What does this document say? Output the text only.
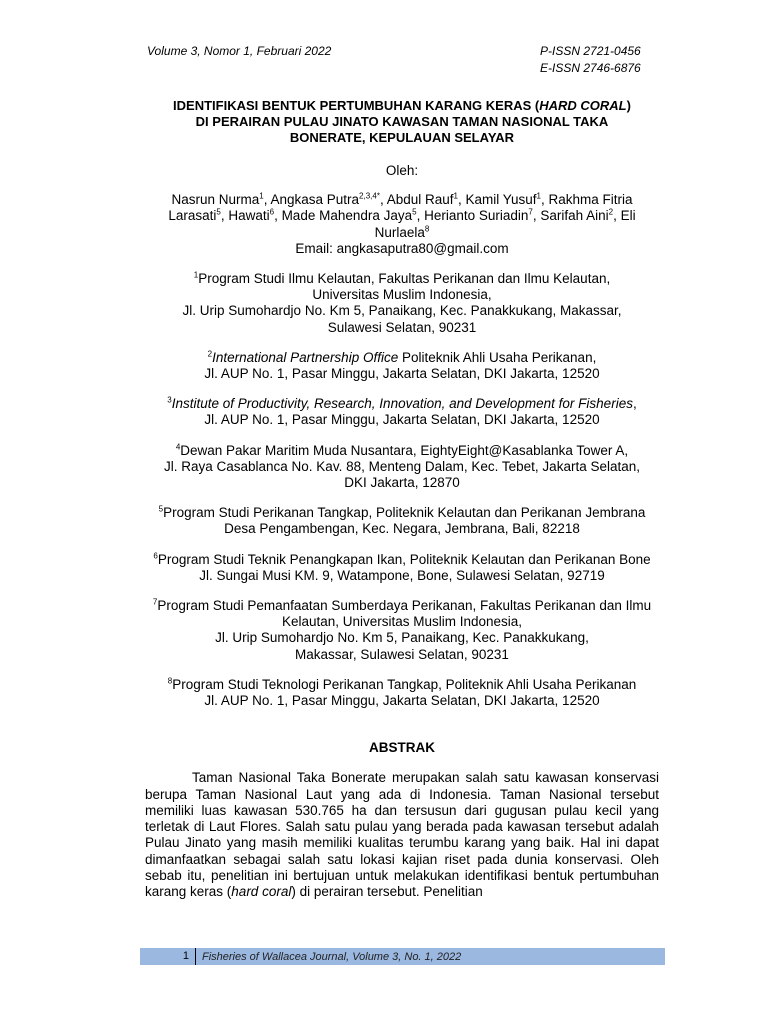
Volume 3, Nomor 1, Februari 2022	P-ISSN 2721-0456
E-ISSN 2746-6876

IDENTIFIKASI BENTUK PERTUMBUHAN KARANG KERAS (HARD CORAL)
DI PERAIRAN PULAU JINATO KAWASAN TAMAN NASIONAL TAKA
BONERATE, KEPULAUAN SELAYAR

Oleh:

Nasrun Nurma$^1$, Angkasa Putra$^{2,3,4*}$, Abdul Rauf$^1$, Kamil Yusuf$^1$, Rakhma Fitria Larasati$^5$, Hawati$^6$, Made Mahendra Jaya$^5$, Herianto Suriadin$^7$, Sarifah Aini$^2$, Eli Nurlaela$^8$
Email: angkasaputra80@gmail.com

$^1$Program Studi Ilmu Kelautan, Fakultas Perikanan dan Ilmu Kelautan,
Universitas Muslim Indonesia,
Jl. Urip Sumohardjo No. Km 5, Panaikang, Kec. Panakkukang, Makassar,
Sulawesi Selatan, 90231

$^2$International Partnership Office Politeknik Ahli Usaha Perikanan,
Jl. AUP No. 1, Pasar Minggu, Jakarta Selatan, DKI Jakarta, 12520

$^3$Institute of Productivity, Research, Innovation, and Development for Fisheries,
Jl. AUP No. 1, Pasar Minggu, Jakarta Selatan, DKI Jakarta, 12520

$^4$Dewan Pakar Maritim Muda Nusantara, EightyEight@Kasablanka Tower A,
Jl. Raya Casablanca No. Kav. 88, Menteng Dalam, Kec. Tebet, Jakarta Selatan,
DKI Jakarta, 12870

$^5$Program Studi Perikanan Tangkap, Politeknik Kelautan dan Perikanan Jembrana
Desa Pengambengan, Kec. Negara, Jembrana, Bali, 82218

$^6$Program Studi Teknik Penangkapan Ikan, Politeknik Kelautan dan Perikanan Bone
Jl. Sungai Musi KM. 9, Watampone, Bone, Sulawesi Selatan, 92719

$^7$Program Studi Pemanfaatan Sumberdaya Perikanan, Fakultas Perikanan dan Ilmu Kelautan, Universitas Muslim Indonesia,
Jl. Urip Sumohardjo No. Km 5, Panaikang, Kec. Panakkukang,
Makassar, Sulawesi Selatan, 90231

$^8$Program Studi Teknologi Perikanan Tangkap, Politeknik Ahli Usaha Perikanan
Jl. AUP No. 1, Pasar Minggu, Jakarta Selatan, DKI Jakarta, 12520

ABSTRAK

Taman Nasional Taka Bonerate merupakan salah satu kawasan konservasi berupa Taman Nasional Laut yang ada di Indonesia. Taman Nasional tersebut memiliki luas kawasan 530.765 ha dan tersusun dari gugusan pulau kecil yang terletak di Laut Flores. Salah satu pulau yang berada pada kawasan tersebut adalah Pulau Jinato yang masih memiliki kualitas terumbu karang yang baik. Hal ini dapat dimanfaatkan sebagai salah satu lokasi kajian riset pada dunia konservasi. Oleh sebab itu, penelitian ini bertujuan untuk melakukan identifikasi bentuk pertumbuhan karang keras (hard coral) di perairan tersebut. Penelitian

1	Fisheries of Wallacea Journal, Volume 3, No. 1, 2022
